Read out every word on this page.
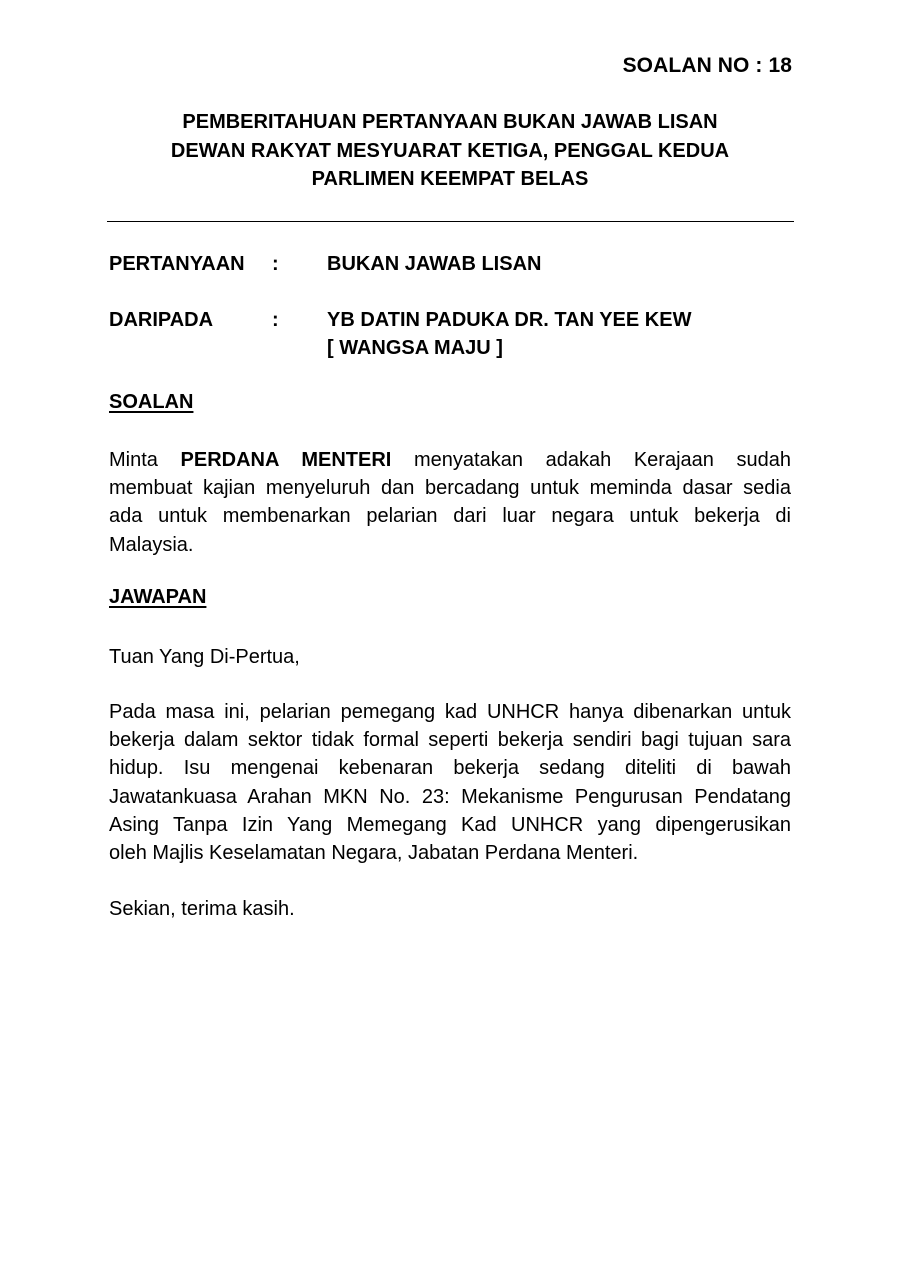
SOALAN NO : 18
PEMBERITAHUAN PERTANYAAN BUKAN JAWAB LISAN
DEWAN RAKYAT MESYUARAT KETIGA, PENGGAL KEDUA
PARLIMEN KEEMPAT BELAS
PERTANYAAN : BUKAN JAWAB LISAN
DARIPADA	: YB DATIN PADUKA DR. TAN YEE KEW
[ WANGSA MAJU ]
SOALAN
Minta PERDANA MENTERI menyatakan adakah Kerajaan sudah
membuat kajian menyeluruh dan bercadang untuk meminda dasar sedia
ada untuk membenarkan pelarian dari luar negara untuk bekerja di
Malaysia.
JAWAPAN
Tuan Yang Di-Pertua,
Pada masa ini, pelarian pemegang kad UNHCR hanya dibenarkan untuk
bekerja dalam sektor tidak formal seperti bekerja sendiri bagi tujuan sara
hidup. Isu mengenai kebenaran bekerja sedang diteliti di bawah
Jawatankuasa Arahan MKN No. 23: Mekanisme Pengurusan Pendatang
Asing Tanpa Izin Yang Memegang Kad UNHCR yang dipengerusikan
oleh Majlis Keselamatan Negara, Jabatan Perdana Menteri.
Sekian, terima kasih.
